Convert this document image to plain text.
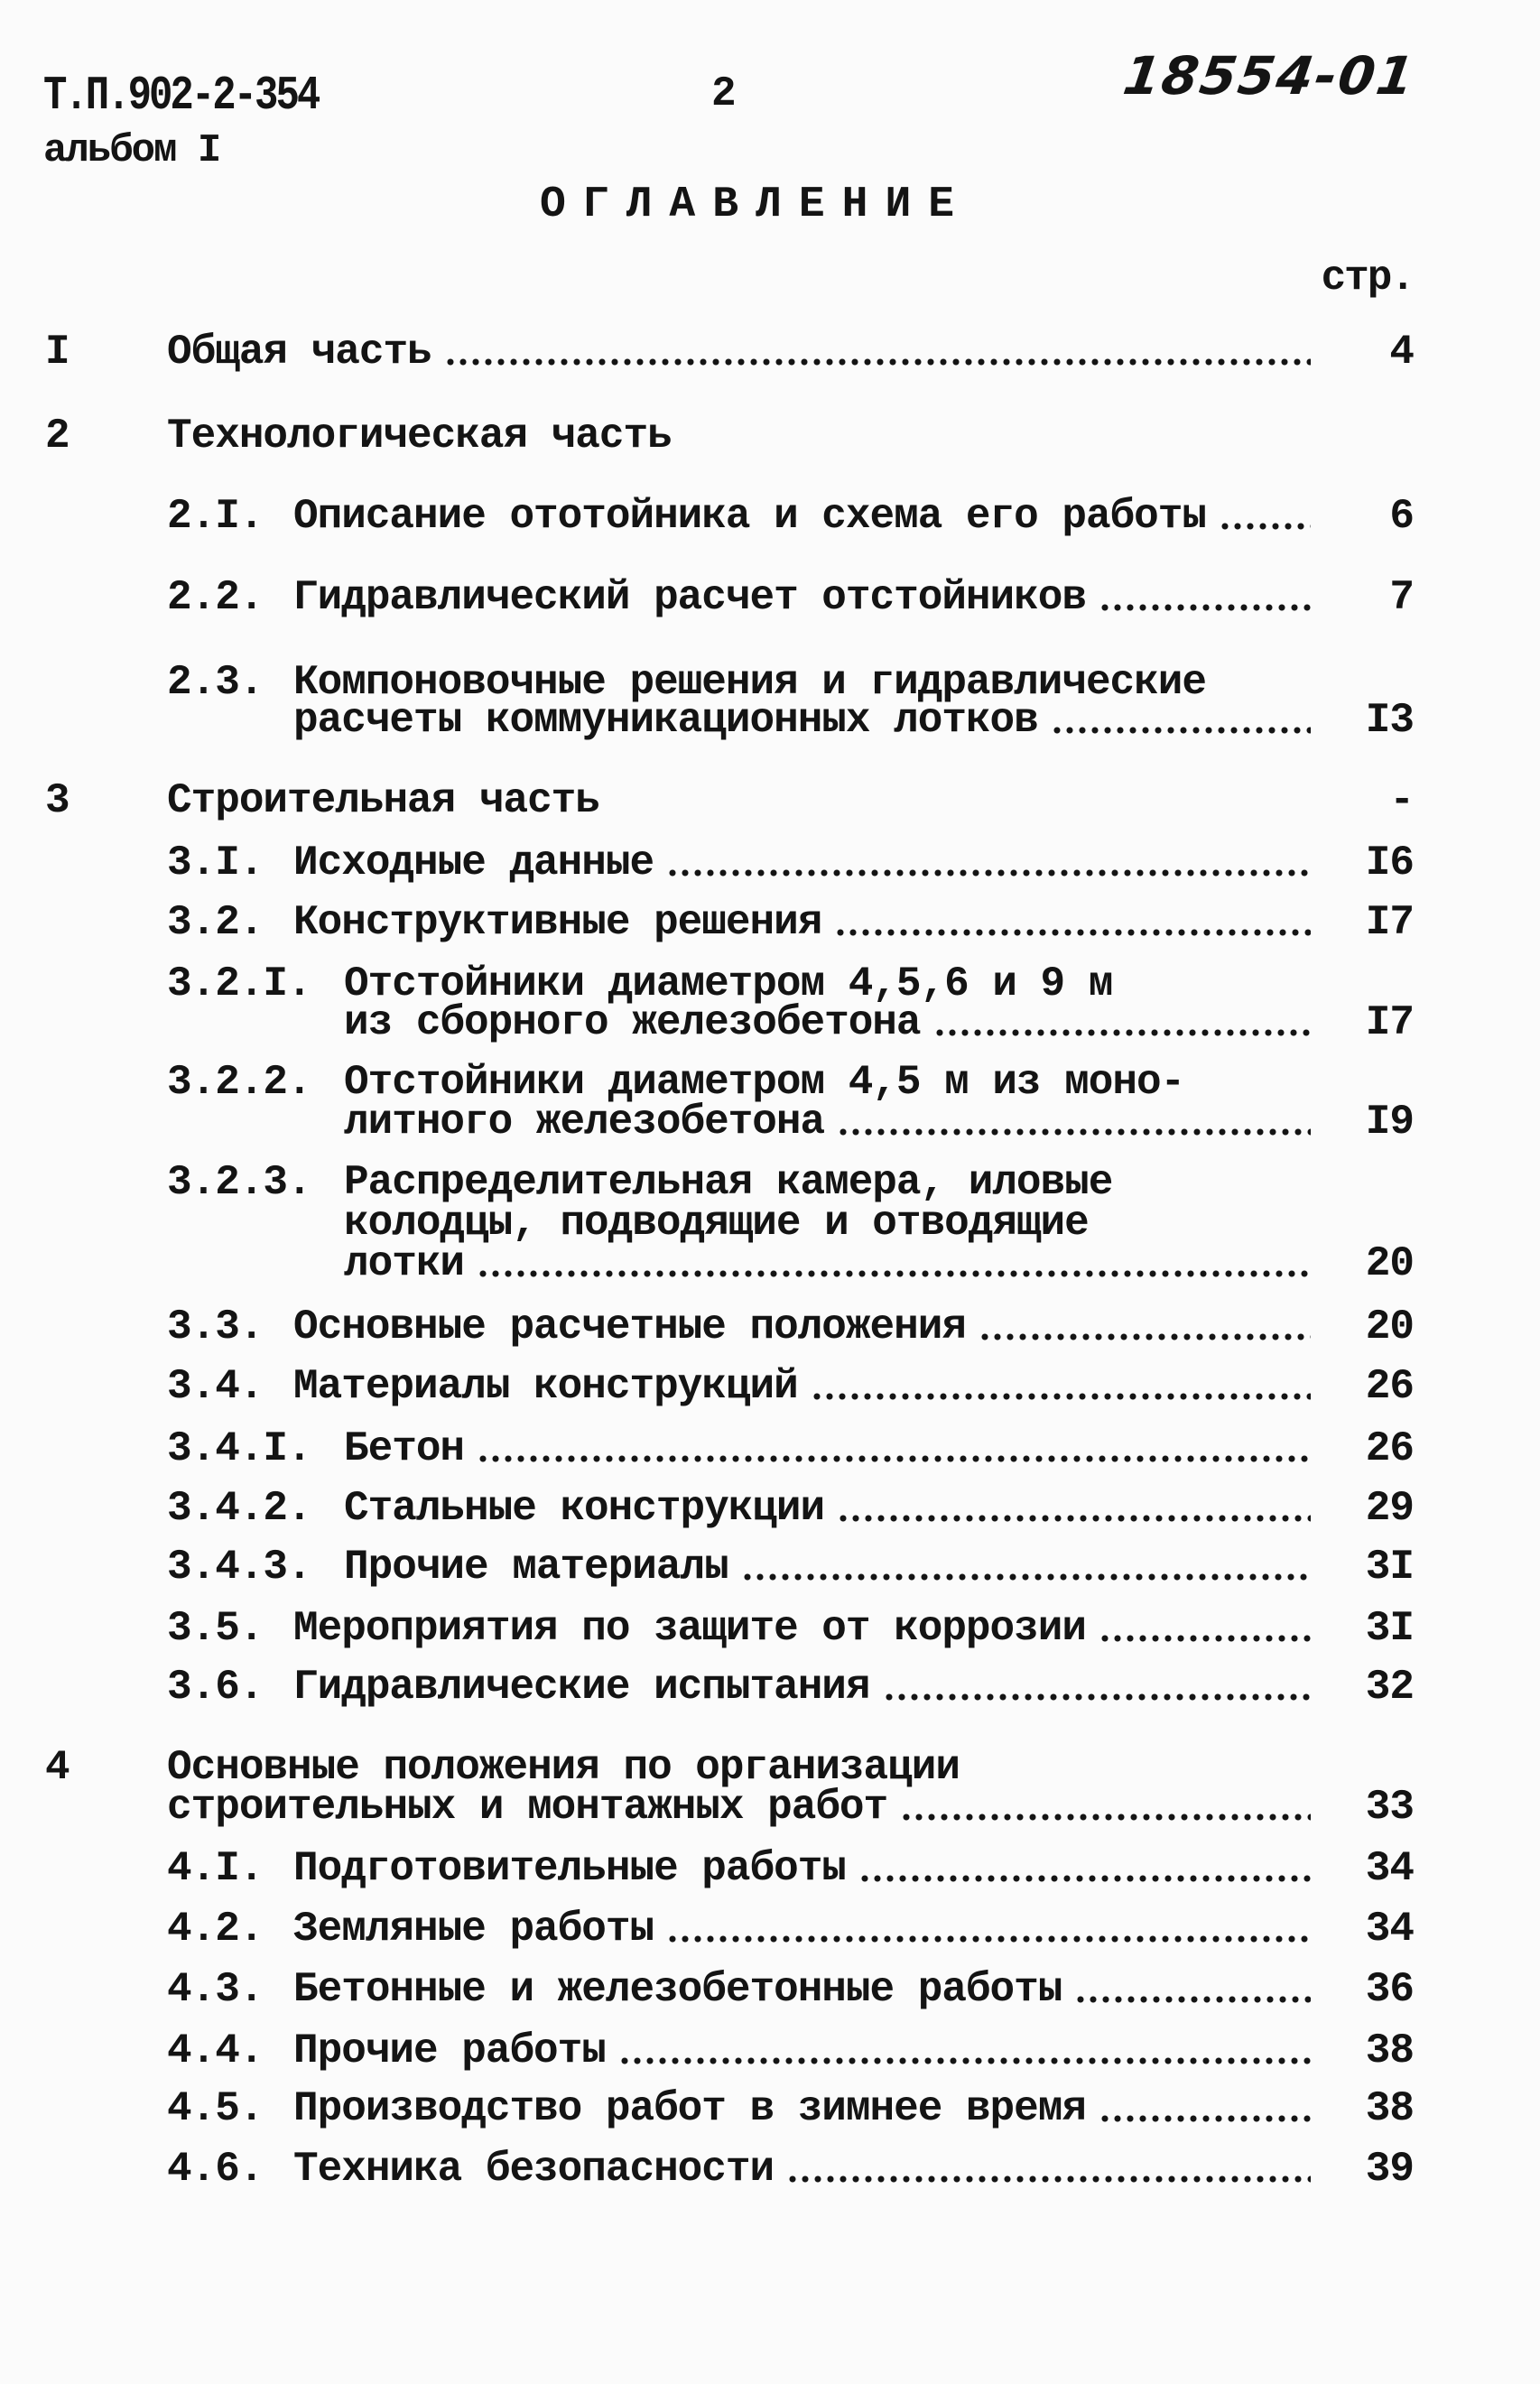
Т.П.902-2-354
альбом I
2	18554-01
ОГЛАВЛЕНИЕ
стр.
I Общая часть	4
2 Технологическая часть
2.I. Описание ототойника и схема его работы	6
2.2. Гидравлический расчет отстойников	7
2.3. Компоновочные решения и гидравлические
расчеты коммуникационных лотков	I3
3 Строительная часть	-
3.I. Исходные данные	I6
3.2. Конструктивные решения	I7
3.2.I. Отстойники диаметром 4,5,6 и 9 м
из сборного железобетона	I7
3.2.2. Отстойники диаметром 4,5 м из моно-
литного железобетона	I9
3.2.3. Распределительная камера, иловые
колодцы, подводящие и отводящие
лотки	20
3.3. Основные расчетные положения	20
3.4. Материалы конструкций	26
3.4.I. Бетон	26
3.4.2. Стальные конструкции	29
3.4.3. Прочие материалы	3I
3.5. Мероприятия по защите от коррозии	3I
3.6. Гидравлические испытания	32
4 Основные положения по организации
строительных и монтажных работ	33
4.I. Подготовительные работы	34
4.2. Земляные работы	34
4.3. Бетонные и железобетонные работы	36
4.4. Прочие работы	38
4.5. Производство работ в зимнее время	38
4.6. Техника безопасности	39
